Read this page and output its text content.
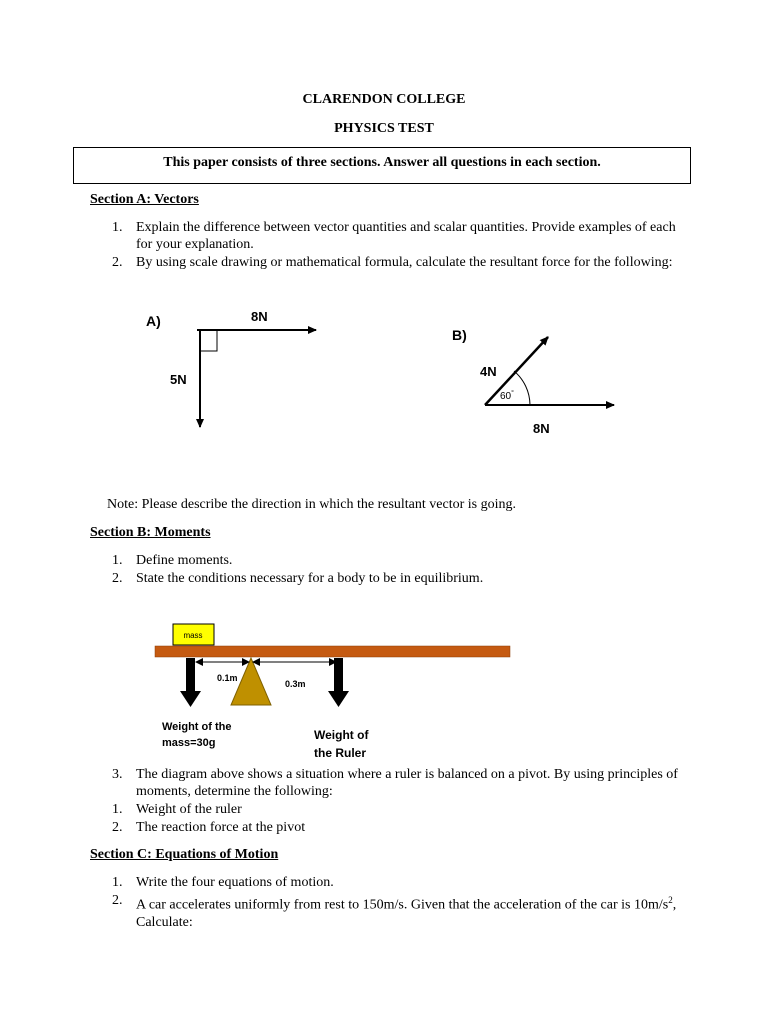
CLARENDON COLLEGE
PHYSICS TEST
This paper consists of three sections. Answer all questions in each section.
Section A: Vectors
1. Explain the difference between vector quantities and scalar quantities. Provide examples of each for your explanation.
2. By using scale drawing or mathematical formula, calculate the resultant force for the following:
A)	8N
5N
B)
60°
4N
8N
Note: Please describe the direction in which the resultant vector is going.
Section B: Moments
1. Define moments.
2. State the conditions necessary for a body to be in equilibrium.
mass
0.1m
0.3m
Weight of the
mass=30g
Weight of
the Ruler
3. The diagram above shows a situation where a ruler is balanced on a pivot. By using principles of moments, determine the following:
1. Weight of the ruler
2. The reaction force at the pivot
Section C: Equations of Motion
1. Write the four equations of motion.
2. A car accelerates uniformly from rest to 150m/s. Given that the acceleration of the car is $10m/s^2$,
Calculate:
